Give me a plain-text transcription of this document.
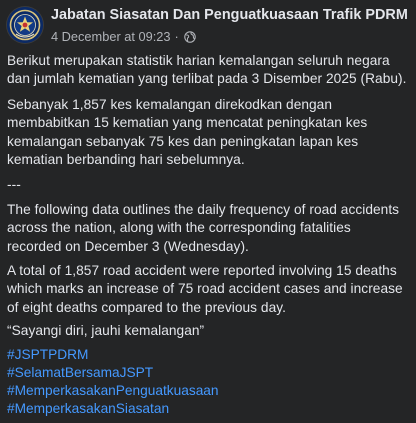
Jabatan Siasatan Dan Penguatkuasaan Trafik PDRM
4 December at 09:23 ·

Berikut merupakan statistik harian kemalangan seluruh negara dan jumlah kematian yang terlibat pada 3 Disember 2025 (Rabu).

Sebanyak 1,857 kes kemalangan direkodkan dengan membabitkan 15 kematian yang mencatat peningkatan kes kemalangan sebanyak 75 kes dan peningkatan lapan kes kematian berbanding hari sebelumnya.

---

The following data outlines the daily frequency of road accidents across the nation, along with the corresponding fatalities recorded on December 3 (Wednesday).

A total of 1,857 road accident were reported involving 15 deaths which marks an increase of 75 road accident cases and increase of eight deaths compared to the previous day.

“Sayangi diri, jauhi kemalangan”

#JSPTPDRM
#SelamatBersamaJSPT
#MemperkasakanPenguatkuasaan
#MemperkasakanSiasatan
